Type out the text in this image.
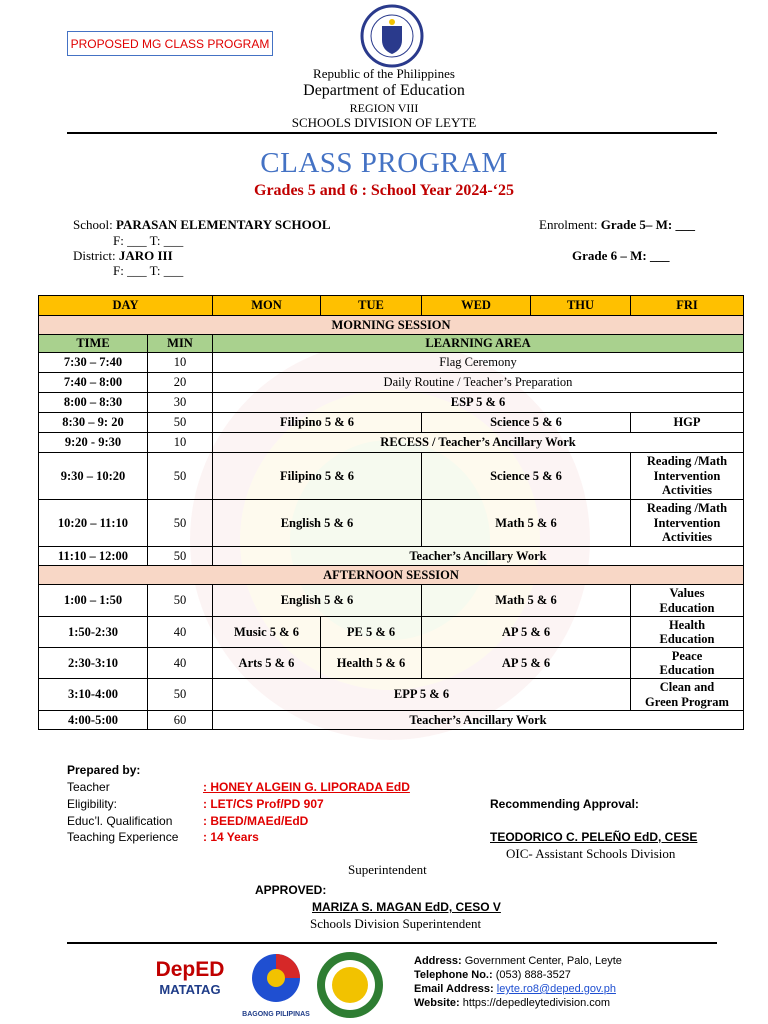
PROPOSED MG CLASS PROGRAM
Republic of the Philippines
Department of Education
REGION VIII
SCHOOLS DIVISION OF LEYTE
CLASS PROGRAM
Grades 5 and 6 : School Year 2024-‘25
School: PARASAN ELEMENTARY SCHOOL
F: ___ T: ___
District: JARO III
F: ___ T: ___
Enrolment: Grade 5– M: ___
Grade 6 – M: ___
DAY		MON	TUE	WED	THU	FRI
MORNING SESSION						
TIME	MIN	LEARNING AREA				
7:30 – 7:40	10	Flag Ceremony				
7:40 – 8:00	20	Daily Routine / Teacher’s Preparation				
8:00 – 8:30	30	ESP 5 & 6				
8:30 – 9: 20	50	Filipino 5 & 6		Science 5 & 6		HGP
9:20 - 9:30	10	RECESS / Teacher’s Ancillary Work				
9:30 – 10:20	50	Filipino 5 & 6		Science 5 & 6		Reading /Math
Intervention
Activities

10:20 – 11:10	50	English 5 & 6		Math 5 & 6		Reading /Math
Intervention
Activities

11:10 – 12:00	50	Teacher’s Ancillary Work				
AFTERNOON SESSION						
1:00 – 1:50	50	English 5 & 6		Math 5 & 6		Values
Education

1:50-2:30	40	Music 5 & 6	PE 5 & 6	AP 5 & 6		Health
Education

2:30-3:10	40	Arts 5 & 6	Health 5 & 6	AP 5 & 6		Peace
Education

3:10-4:00	50	EPP 5 & 6				Clean and
Green Program

4:00-5:00	60	Teacher’s Ancillary Work				
Prepared by:
Teacher	: HONEY ALGEIN G. LIPORADA EdD
Eligibility:	: LET/CS Prof/PD 907
Educ’l. Qualification	: BEED/MAEd/EdD
Teaching Experience : 14 Years
Recommending Approval:
TEODORICO C. PELEÑO EdD, CESE
OIC- Assistant Schools Division
Superintendent
APPROVED:
MARIZA S. MAGAN EdD, CESO V
Schools Division Superintendent
DepED
MATATAG
BAGONG PILIPINAS
Address: Government Center, Palo, Leyte
Telephone No.: (053) 888-3527
Email Address: leyte.ro8@deped.gov.ph
Website: https://depedleytedivision.com
